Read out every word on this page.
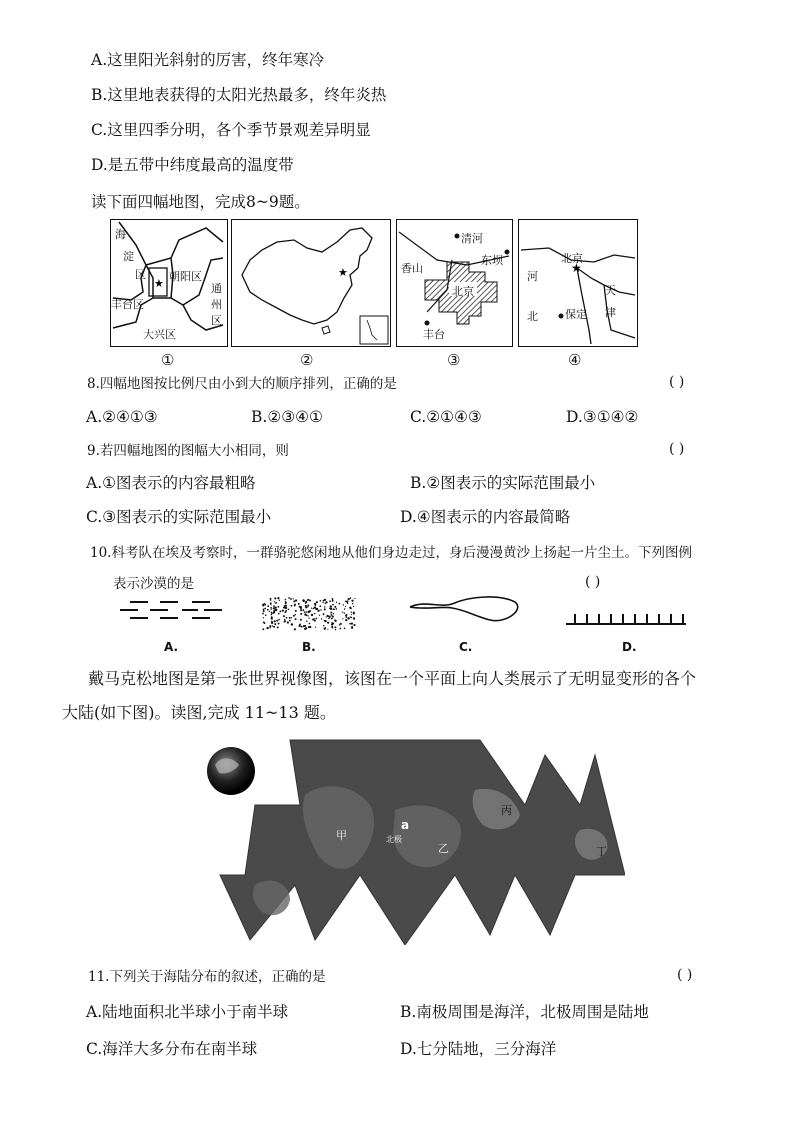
A.这里阳光斜射的厉害，终年寒冷
B.这里地表获得的太阳光热最多，终年炎热
C.这里四季分明，各个季节景观差异明显
D.是五带中纬度最高的温度带
读下面四幅地图，完成8~9题。
★
海
淀
区 朝阳区
丰台区
通
州
区
大兴区
①
★
②
清河
香山
东坝
北京
丰台
③
★
北京
河
北 保定
天
津
④
8.四幅地图按比例尺由小到大的顺序排列，正确的是	( )
A.②④①③	B.②③④①	C.②①④③	D.③①④②
9.若四幅地图的图幅大小相同，则	( )
A.①图表示的内容最粗略	B.②图表示的实际范围最小
C.③图表示的实际范围最小	D.④图表示的内容最简略
10.科考队在埃及考察时，一群骆驼悠闲地从他们身边走过，身后漫漫黄沙上扬起一片尘土。下列图例
表示沙漠的是	( )
A.	B.	C.	D.
戴马克松地图是第一张世界视像图，该图在一个平面上向人类展示了无明显变形的各个
大陆(如下图)。读图,完成 11~13 题。
甲
a
北极
乙
丙
丁
11.下列关于海陆分布的叙述，正确的是	( )
A.陆地面积北半球小于南半球	B.南极周围是海洋，北极周围是陆地
C.海洋大多分布在南半球	D.七分陆地，三分海洋
